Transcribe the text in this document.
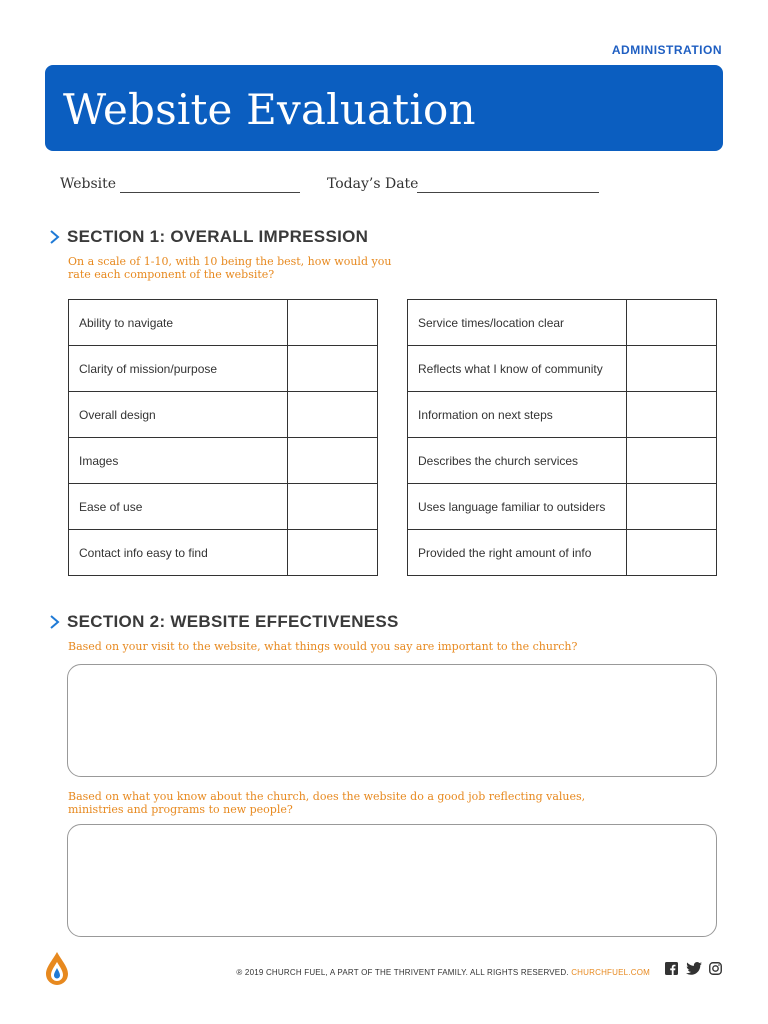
ADMINISTRATION
Website Evaluation
Website	Today’s Date
SECTION 1: OVERALL IMPRESSION
On a scale of 1-10, with 10 being the best, how would you
rate each component of the website?
Ability to navigate	
Clarity of mission/purpose	
Overall design	
Images	
Ease of use	
Contact info easy to find	
Service times/location clear	
Reflects what I know of community	
Information on next steps	
Describes the church services	
Uses language familiar to outsiders	
Provided the right amount of info	
SECTION 2: WEBSITE EFFECTIVENESS
Based on your visit to the website, what things would you say are important to the church?
Based on what you know about the church, does the website do a good job reflecting values,
ministries and programs to new people?
® 2019 CHURCH FUEL, A PART OF THE THRIVENT FAMILY. ALL RIGHTS RESERVED. CHURCHFUEL.COM
